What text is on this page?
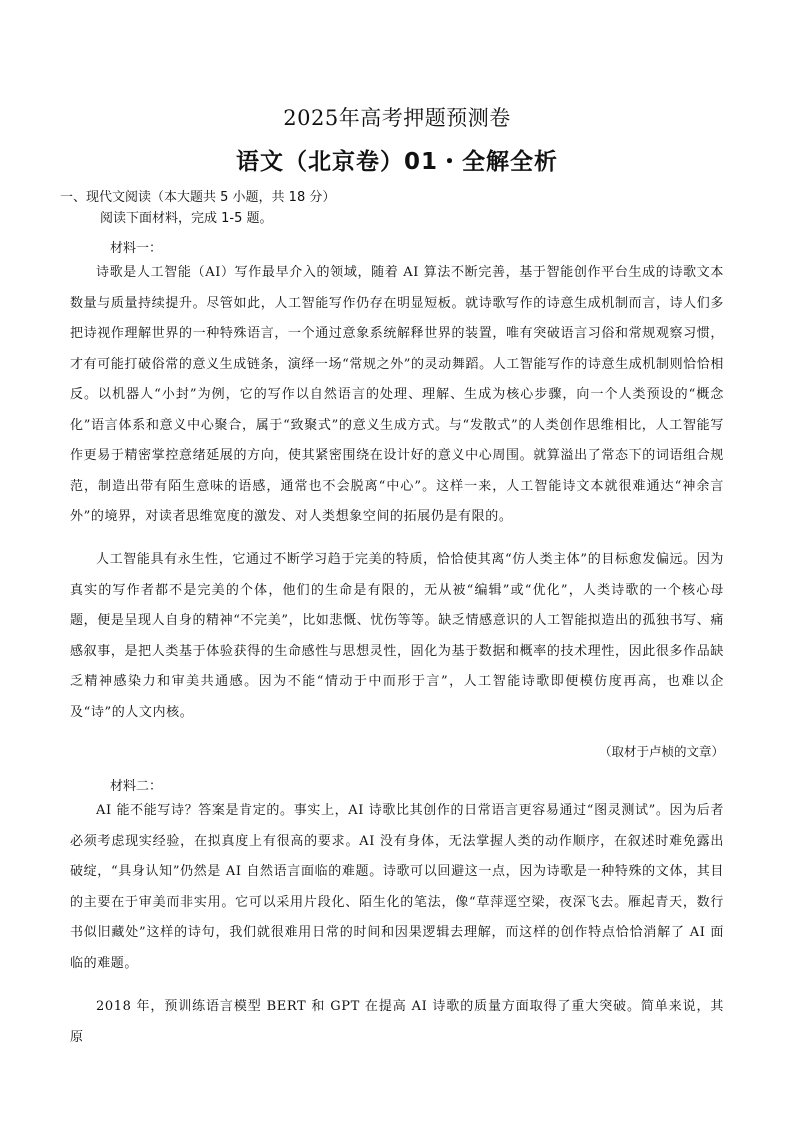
2025年高考押题预测卷
语文（北京卷）01・全解全析
一、现代文阅读（本大题共 5 小题，共 18 分）
阅读下面材料，完成 1-5 题。
材料一：

诗歌是人工智能（AI）写作最早介入的领域，随着 AI 算法不断完善，基于智能创作平台生成的诗歌文本数量与质量持续提升。尽管如此，人工智能写作仍存在明显短板。就诗歌写作的诗意生成机制而言，诗人们多把诗视作理解世界的一种特殊语言，一个通过意象系统解释世界的装置，唯有突破语言习俗和常规观察习惯，才有可能打破俗常的意义生成链条，演绎一场“常规之外”的灵动舞蹈。人工智能写作的诗意生成机制则恰恰相反。以机器人“小封”为例，它的写作以自然语言的处理、理解、生成为核心步骤，向一个人类预设的“概念化”语言体系和意义中心聚合，属于“致聚式”的意义生成方式。与“发散式”的人类创作思维相比，人工智能写作更易于精密掌控意绪延展的方向，使其紧密围绕在设计好的意义中心周围。就算溢出了常态下的词语组合规范，制造出带有陌生意味的语感，通常也不会脱离“中心”。这样一来，人工智能诗文本就很难通达“神余言外”的境界，对读者思维宽度的激发、对人类想象空间的拓展仍是有限的。

人工智能具有永生性，它通过不断学习趋于完美的特质，恰恰使其离“仿人类主体”的目标愈发偏远。因为真实的写作者都不是完美的个体，他们的生命是有限的，无从被“编辑”或“优化”，人类诗歌的一个核心母题，便是呈现人自身的精神“不完美”，比如悲慨、忧伤等等。缺乏情感意识的人工智能拟造出的孤独书写、痛感叙事，是把人类基于体验获得的生命感性与思想灵性，固化为基于数据和概率的技术理性，因此很多作品缺乏精神感染力和审美共通感。因为不能“情动于中而形于言”，人工智能诗歌即便模仿度再高，也难以企及“诗”的人文内核。

（取材于卢桢的文章）
材料二：

AI 能不能写诗？答案是肯定的。事实上，AI 诗歌比其创作的日常语言更容易通过“图灵测试”。因为后者必须考虑现实经验，在拟真度上有很高的要求。AI 没有身体，无法掌握人类的动作顺序，在叙述时难免露出破绽，“具身认知”仍然是 AI 自然语言面临的难题。诗歌可以回避这一点，因为诗歌是一种特殊的文体，其目的主要在于审美而非实用。它可以采用片段化、陌生化的笔法，像“草萍逕空梁，夜深飞去。雁起青天，数行书似旧藏处”这样的诗句，我们就很难用日常的时间和因果逻辑去理解，而这样的创作特点恰恰消解了 AI 面临的难题。

2018 年，预训练语言模型 BERT 和 GPT 在提高 AI 诗歌的质量方面取得了重大突破。简单来说，其原
